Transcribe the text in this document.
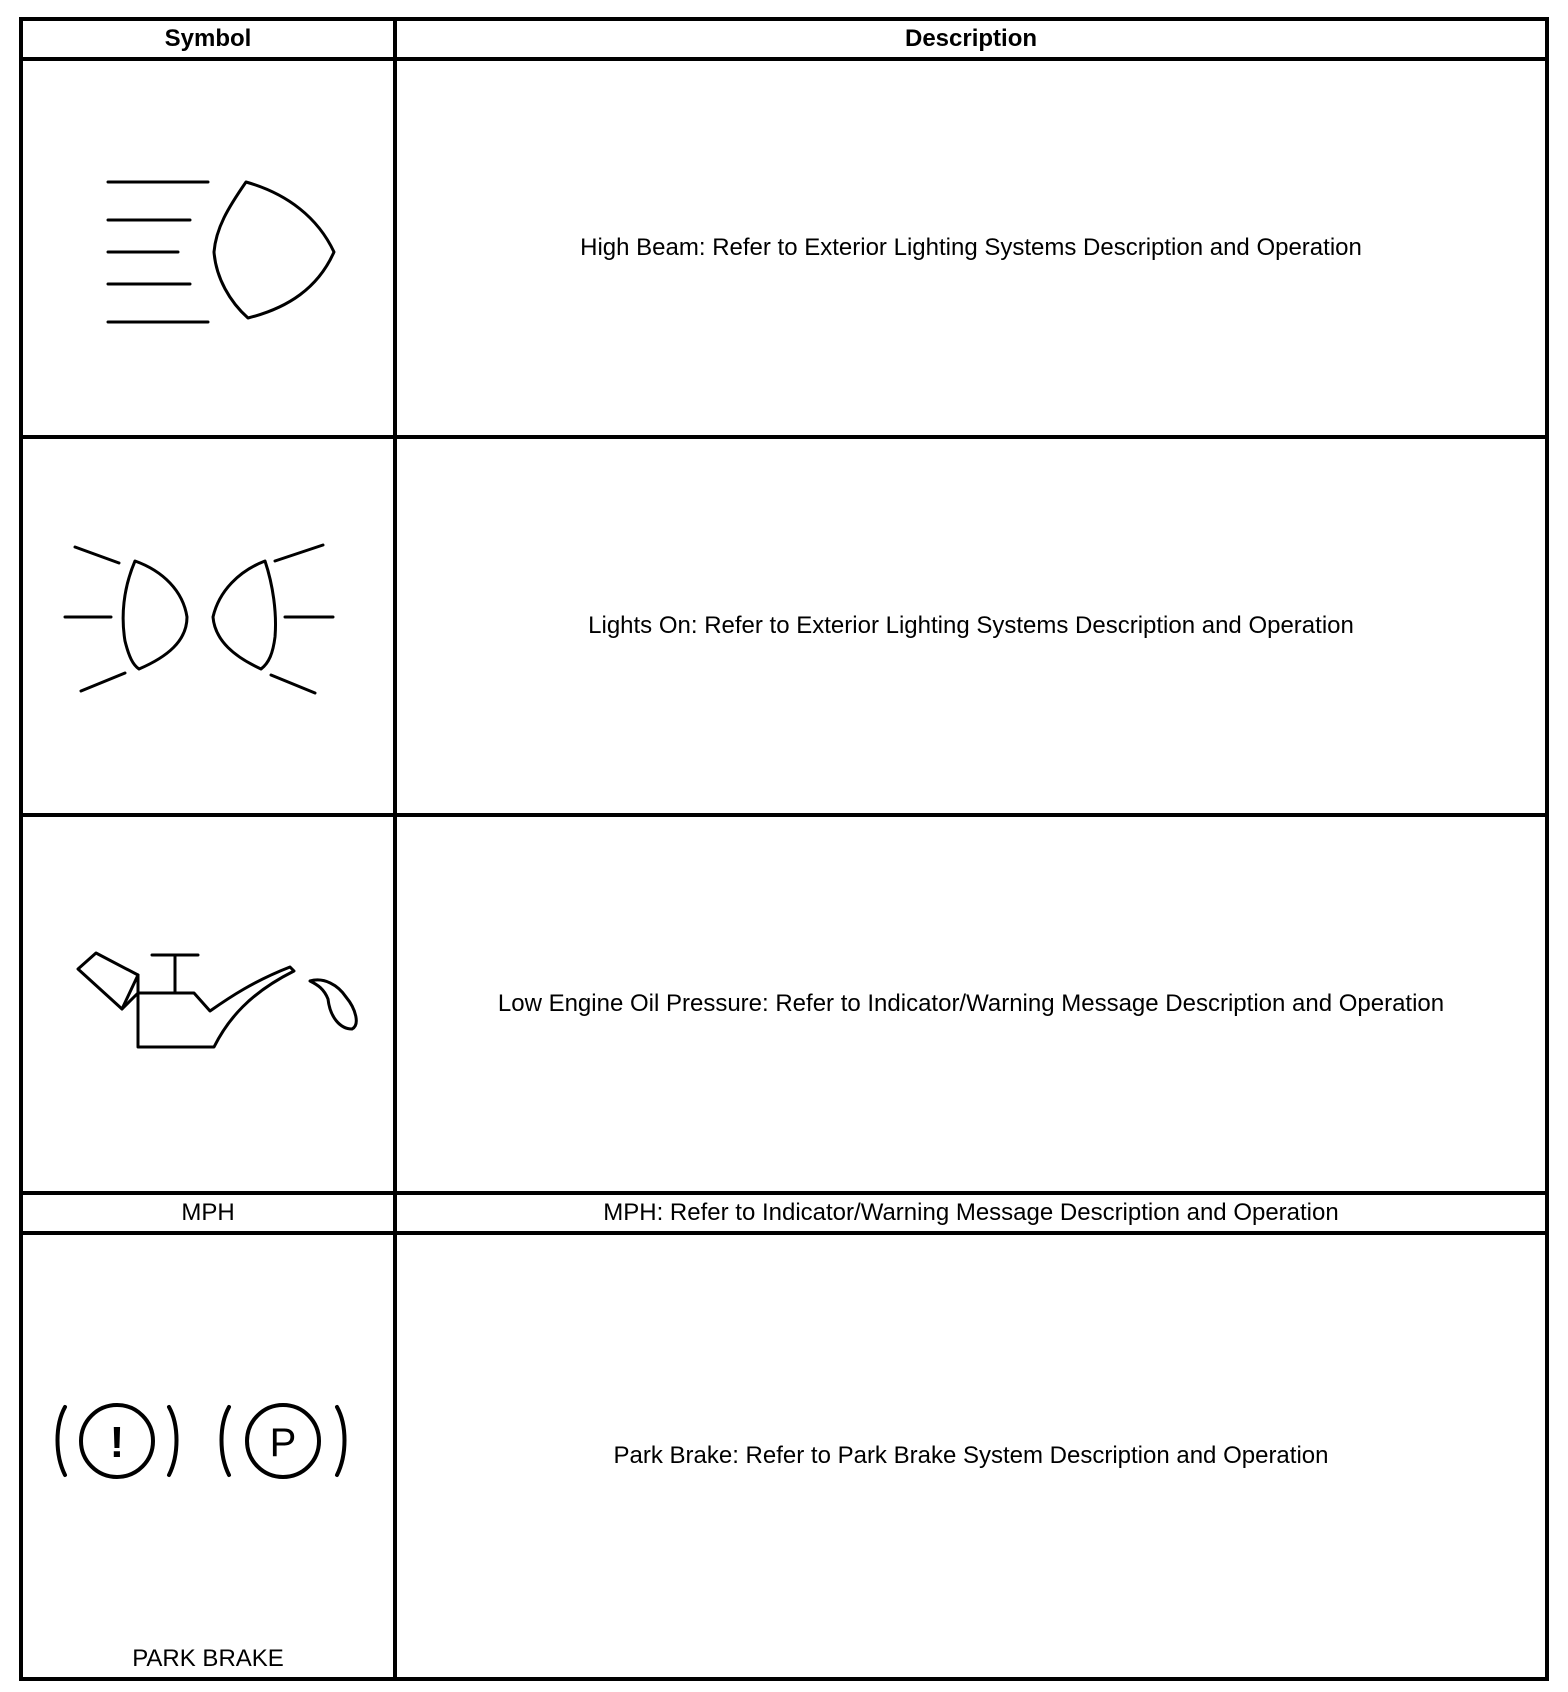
Symbol	Description

	High Beam: Refer to Exterior Lighting Systems Description and Operation

	Lights On: Refer to Exterior Lighting Systems Description and Operation

	Low Engine Oil Pressure: Refer to Indicator/Warning Message Description and Operation
MPH	MPH: Refer to Indicator/Warning Message Description and Operation

! P
PARK BRAKE	Park Brake: Refer to Park Brake System Description and Operation
